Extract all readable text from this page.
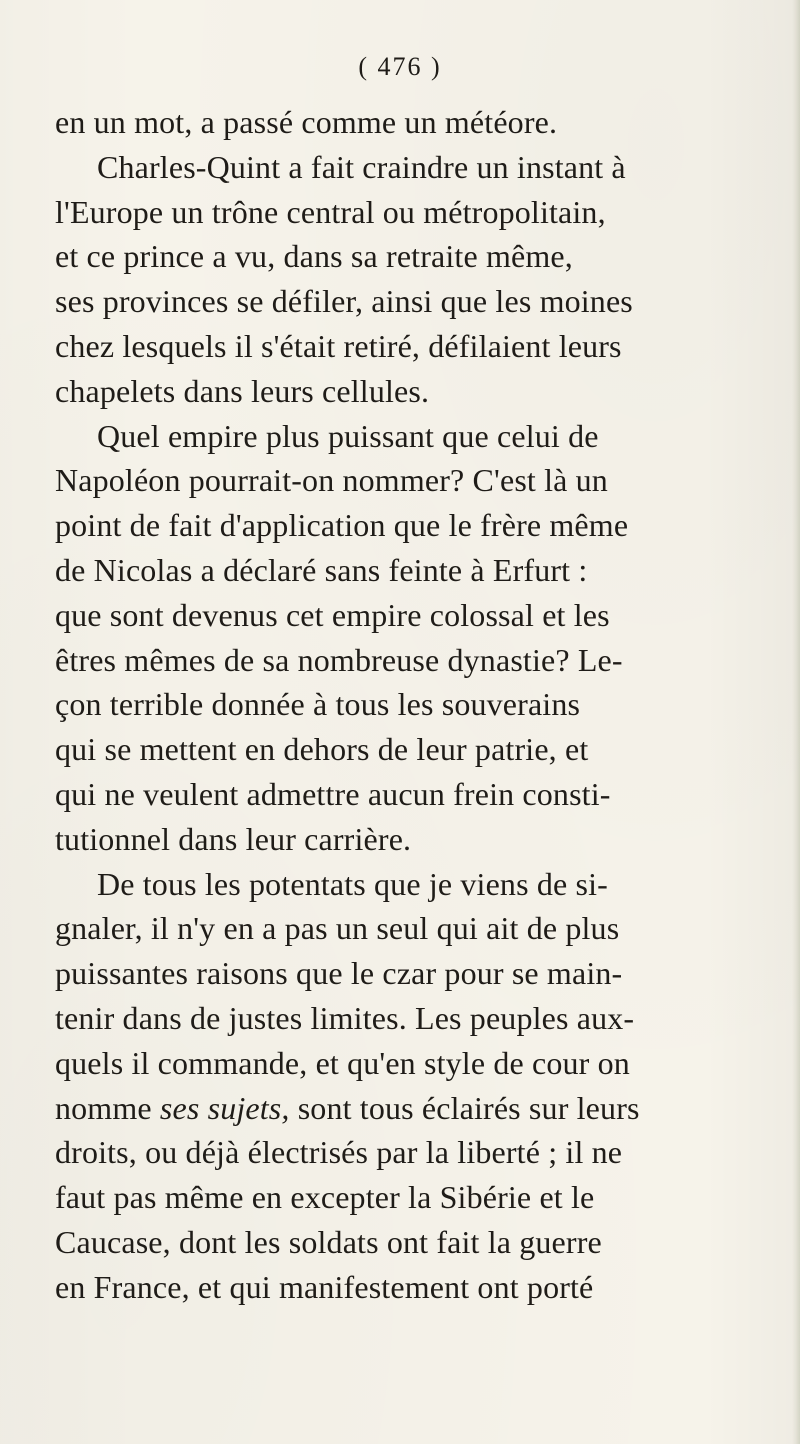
( 476 )
en un mot, a passé comme un météore.
Charles-Quint a fait craindre un instant à
l'Europe un trône central ou métropolitain,
et ce prince a vu, dans sa retraite même,
ses provinces se défiler, ainsi que les moines
chez lesquels il s'était retiré, défilaient leurs
chapelets dans leurs cellules.
Quel empire plus puissant que celui de
Napoléon pourrait-on nommer? C'est là un
point de fait d'application que le frère même
de Nicolas a déclaré sans feinte à Erfurt :
que sont devenus cet empire colossal et les
êtres mêmes de sa nombreuse dynastie? Le-
çon terrible donnée à tous les souverains
qui se mettent en dehors de leur patrie, et
qui ne veulent admettre aucun frein consti-
tutionnel dans leur carrière.
De tous les potentats que je viens de si-
gnaler, il n'y en a pas un seul qui ait de plus
puissantes raisons que le czar pour se main-
tenir dans de justes limites. Les peuples aux-
quels il commande, et qu'en style de cour on
nomme ses sujets, sont tous éclairés sur leurs
droits, ou déjà électrisés par la liberté ; il ne
faut pas même en excepter la Sibérie et le
Caucase, dont les soldats ont fait la guerre
en France, et qui manifestement ont porté
